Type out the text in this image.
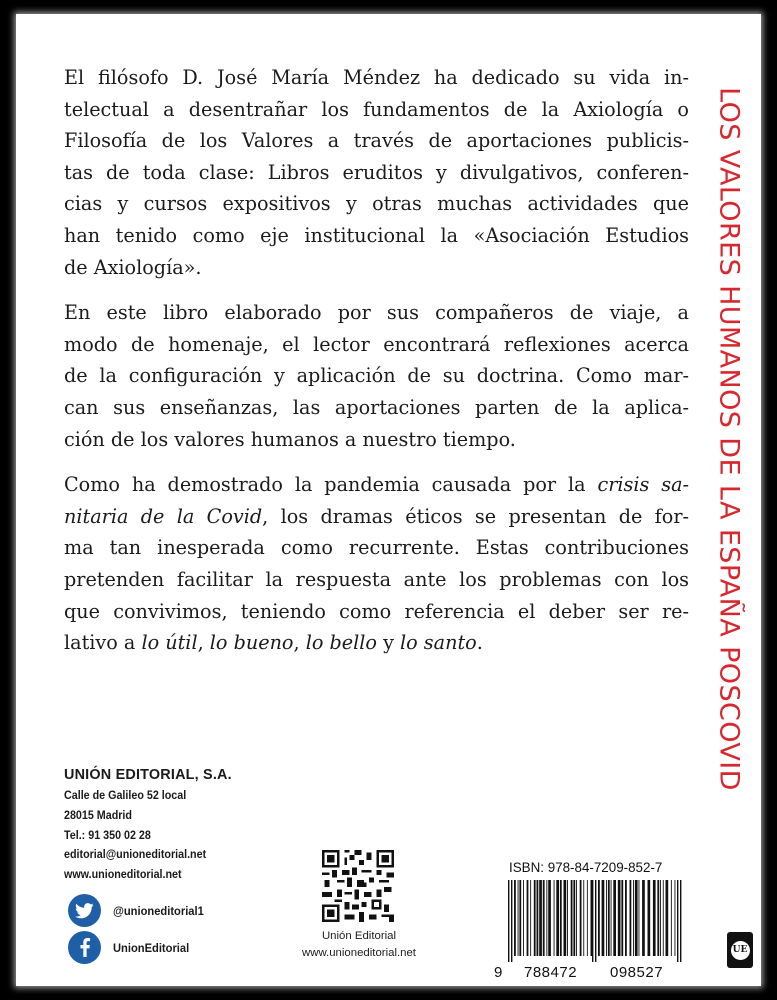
El filósofo D. José María Méndez ha dedicado su vida in-
telectual a desentrañar los fundamentos de la Axiología o
Filosofía de los Valores a través de aportaciones publicis-
tas de toda clase: Libros eruditos y divulgativos, conferen-
cias y cursos expositivos y otras muchas actividades que
han tenido como eje institucional la «Asociación Estudios
de Axiología».

En este libro elaborado por sus compañeros de viaje, a
modo de homenaje, el lector encontrará reflexiones acerca
de la configuración y aplicación de su doctrina. Como mar-
can sus enseñanzas, las aportaciones parten de la aplica-
ción de los valores humanos a nuestro tiempo.

Como ha demostrado la pandemia causada por la crisis sa-
nitaria de la Covid, los dramas éticos se presentan de for-
ma tan inesperada como recurrente. Estas contribuciones
pretenden facilitar la respuesta ante los problemas con los
que convivimos, teniendo como referencia el deber ser re-
lativo a lo útil, lo bueno, lo bello y lo santo.	LOS VALORES HUMANOS DE LA ESPAÑA POSCOVID
UNIÓN EDITORIAL, S.A.
Calle de Galileo 52 local
28015 Madrid
Tel.: 91 350 02 28
editorial@unioneditorial.net
www.unioneditorial.net
@unioneditorial1
UnionEditorial
Unión Editorial
www.unioneditorial.net
ISBN: 978-84-7209-852-7
9 788472 098527
UE
